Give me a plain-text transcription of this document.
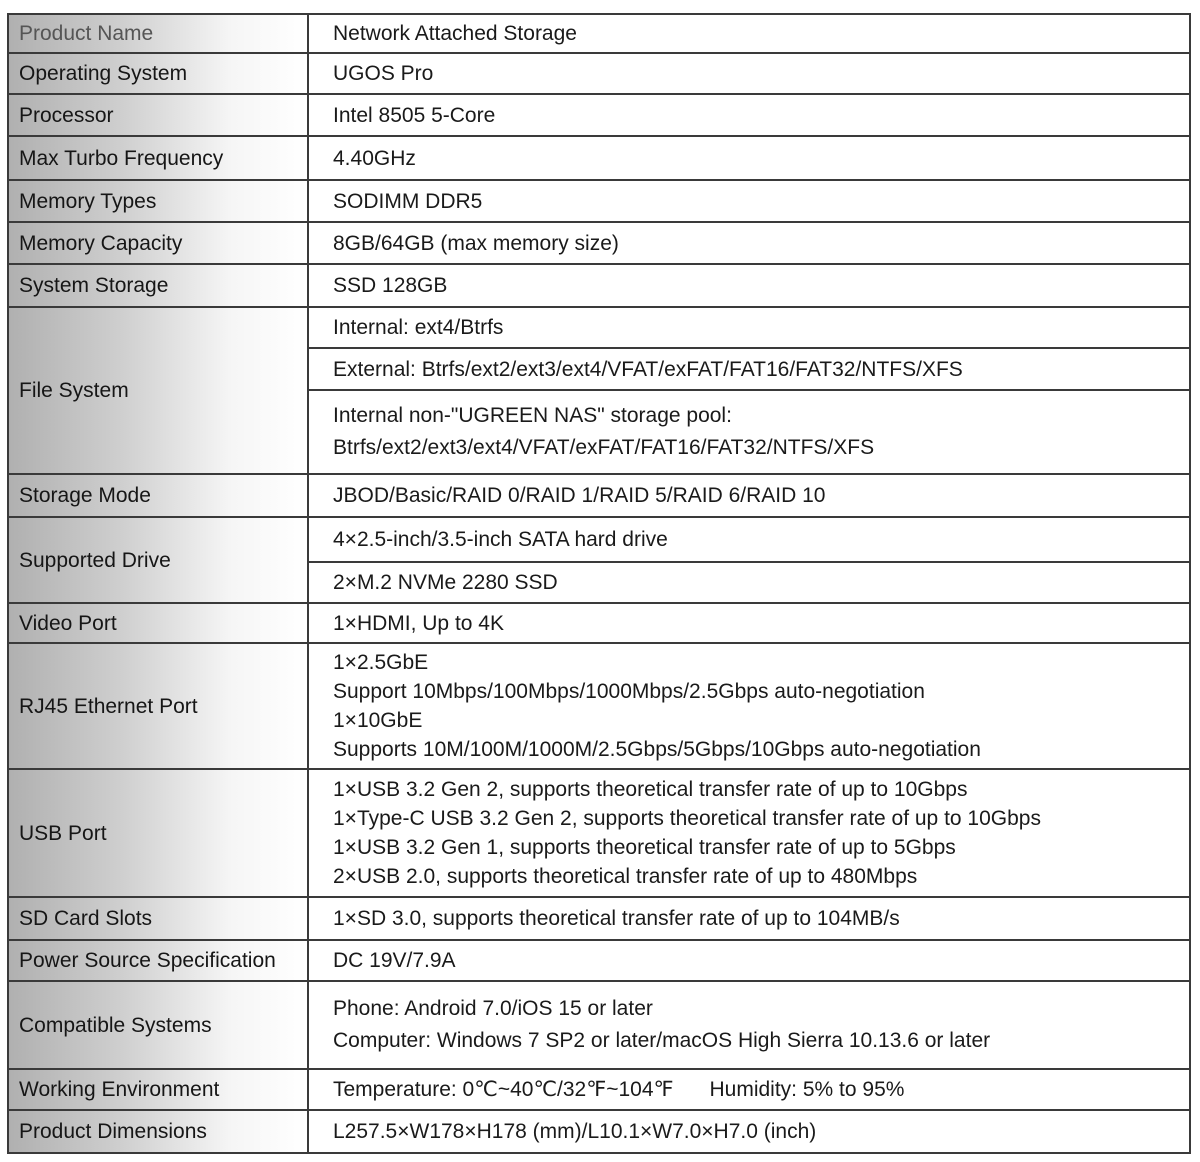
Product Name	Network Attached Storage
Operating System	UGOS Pro
Processor	Intel 8505 5-Core
Max Turbo Frequency	4.40GHz
Memory Types	SODIMM DDR5
Memory Capacity	8GB/64GB (max memory size)
System Storage	SSD 128GB
File System	Internal: ext4/Btrfs
	External: Btrfs/ext2/ext3/ext4/VFAT/exFAT/FAT16/FAT32/NTFS/XFS

	Internal non-"UGREEN NAS" storage pool:
Btrfs/ext2/ext3/ext4/VFAT/exFAT/FAT16/FAT32/NTFS/XFS

Storage Mode	JBOD/Basic/RAID 0/RAID 1/RAID 5/RAID 6/RAID 10
Supported Drive	4×2.5-inch/3.5-inch SATA hard drive
	2×M.2 NVMe 2280 SSD
Video Port	1×HDMI, Up to 4K
RJ45 Ethernet Port	1×2.5GbE
Support 10Mbps/100Mbps/1000Mbps/2.5Gbps auto-negotiation
1×10GbE
Supports 10M/100M/1000M/2.5Gbps/5Gbps/10Gbps auto-negotiation

USB Port	1×USB 3.2 Gen 2, supports theoretical transfer rate of up to 10Gbps
1×Type-C USB 3.2 Gen 2, supports theoretical transfer rate of up to 10Gbps
1×USB 3.2 Gen 1, supports theoretical transfer rate of up to 5Gbps
2×USB 2.0, supports theoretical transfer rate of up to 480Mbps

SD Card Slots	1×SD 3.0, supports theoretical transfer rate of up to 104MB/s
Power Source Specification	DC 19V/7.9A
Compatible Systems	Phone: Android 7.0/iOS 15 or later
Computer: Windows 7 SP2 or later/macOS High Sierra 10.13.6 or later

Working Environment	Temperature: 0℃~40℃/32℉~104℉ Humidity: 5% to 95%
Product Dimensions	L257.5×W178×H178 (mm)/L10.1×W7.0×H7.0 (inch)
